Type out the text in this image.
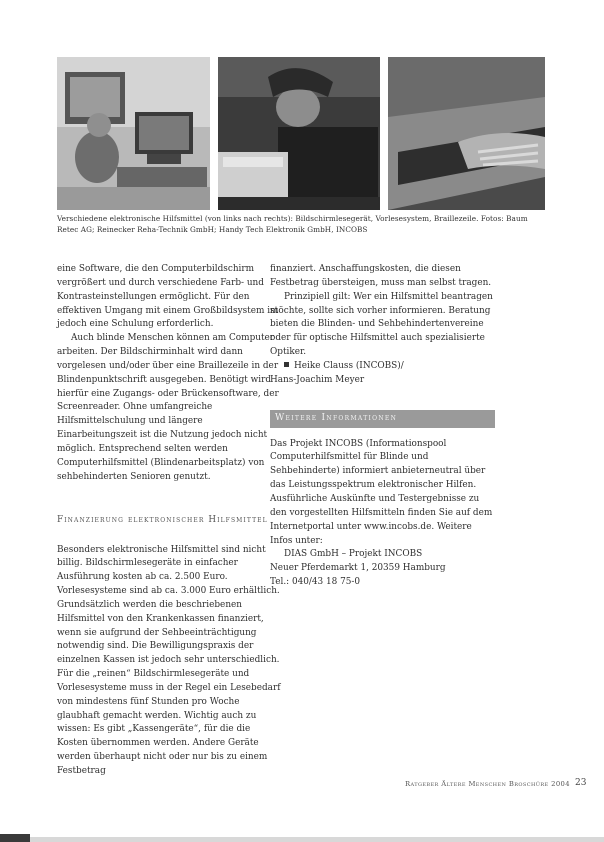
Verschiedene elektronische Hilfsmittel (von links nach rechts): Bildschirmlesegerät, Vorlesesystem, Braillezeile. Fotos: Baum Retec AG; Reinecker Reha-Technik GmbH; Handy Tech Elektronik GmbH, INCOBS

eine Software, die den Computerbildschirm vergrößert und durch verschiedene Farb- und Kontrasteinstellungen ermöglicht. Für den effektiven Umgang mit einem Großbildsystem ist jedoch eine Schulung erforderlich.

Auch blinde Menschen können am Computer arbeiten. Der Bildschirminhalt wird dann vorgelesen und/oder über eine Braillezeile in der Blindenpunktschrift ausgegeben. Benötigt wird hierfür eine Zugangs- oder Brückensoftware, der Screenreader. Ohne umfangreiche Hilfsmittelschulung und längere Einarbeitungszeit ist die Nutzung jedoch nicht möglich. Entsprechend selten werden Computerhilfsmittel (Blindenarbeitsplatz) von sehbehinderten Senioren genutzt.

Finanzierung elektronischer Hilfsmittel

Besonders elektronische Hilfsmittel sind nicht billig. Bildschirmlesegeräte in einfacher Ausführung kosten ab ca. 2.500 Euro. Vorlesesysteme sind ab ca. 3.000 Euro erhältlich. Grundsätzlich werden die beschriebenen Hilfsmittel von den Krankenkassen finanziert, wenn sie aufgrund der Sehbeeinträchtigung notwendig sind. Die Bewilligungspraxis der einzelnen Kassen ist jedoch sehr unterschiedlich. Für die „reinen“ Bildschirmlesegeräte und Vorlesesysteme muss in der Regel ein Lesebedarf von mindestens fünf Stunden pro Woche glaubhaft gemacht werden. Wichtig auch zu wissen: Es gibt „Kassengeräte“, für die die Kosten übernommen werden. Andere Geräte werden überhaupt nicht oder nur bis zu einem Festbetrag

finanziert. Anschaffungskosten, die diesen Festbetrag übersteigen, muss man selbst tragen.

Prinzipiell gilt: Wer ein Hilfsmittel beantragen möchte, sollte sich vorher informieren. Beratung bieten die Blinden- und Sehbehindertenvereine oder für optische Hilfsmittel auch spezialisierte Optiker.

Heike Clauss (INCOBS)/

Hans-Joachim Meyer

Weitere Informationen

Das Projekt INCOBS (Informationspool Computerhilfsmittel für Blinde und Sehbehinderte) informiert anbieterneutral über das Leistungsspektrum elektronischer Hilfen. Ausführliche Auskünfte und Testergebnisse zu den vorgestellten Hilfsmitteln finden Sie auf dem Internetportal unter www.incobs.de. Weitere Infos unter:

DIAS GmbH – Projekt INCOBS

Neuer Pferdemarkt 1, 20359 Hamburg

Tel.: 040/43 18 75-0

Ratgeber Ältere Menschen Broschüre 2004 23
